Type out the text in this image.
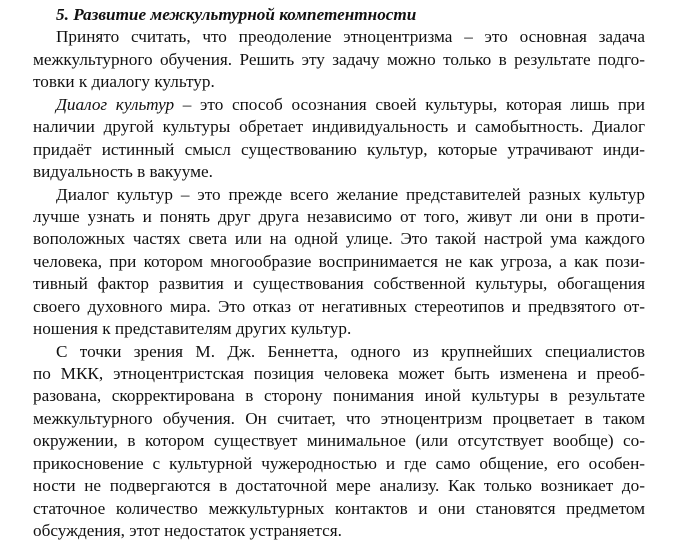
5. Развитие межкультурной компетентности
Принято считать, что преодоление этноцентризма – это основная задача
межкультурного обучения. Решить эту задачу можно только в результате подго-
товки к диалогу культур.
Диалог культур – это способ осознания своей культуры, которая лишь при
наличии другой культуры обретает индивидуальность и самобытность. Диалог
придаёт истинный смысл существованию культур, которые утрачивают инди-
видуальность в вакууме.
Диалог культур – это прежде всего желание представителей разных культур
лучше узнать и понять друг друга независимо от того, живут ли они в проти-
воположных частях света или на одной улице. Это такой настрой ума каждого
человека, при котором многообразие воспринимается не как угроза, а как пози-
тивный фактор развития и существования собственной культуры, обогащения
своего духовного мира. Это отказ от негативных стереотипов и предвзятого от-
ношения к представителям других культур.
С точки зрения М. Дж. Беннетта, одного из крупнейших специалистов
по МКК, этноцентристская позиция человека может быть изменена и преоб-
разована, скорректирована в сторону понимания иной культуры в результате
межкультурного обучения. Он считает, что этноцентризм процветает в таком
окружении, в котором существует минимальное (или отсутствует вообще) со-
прикосновение с культурной чужеродностью и где само общение, его особен-
ности не подвергаются в достаточной мере анализу. Как только возникает до-
статочное количество межкультурных контактов и они становятся предметом
обсуждения, этот недостаток устраняется.
